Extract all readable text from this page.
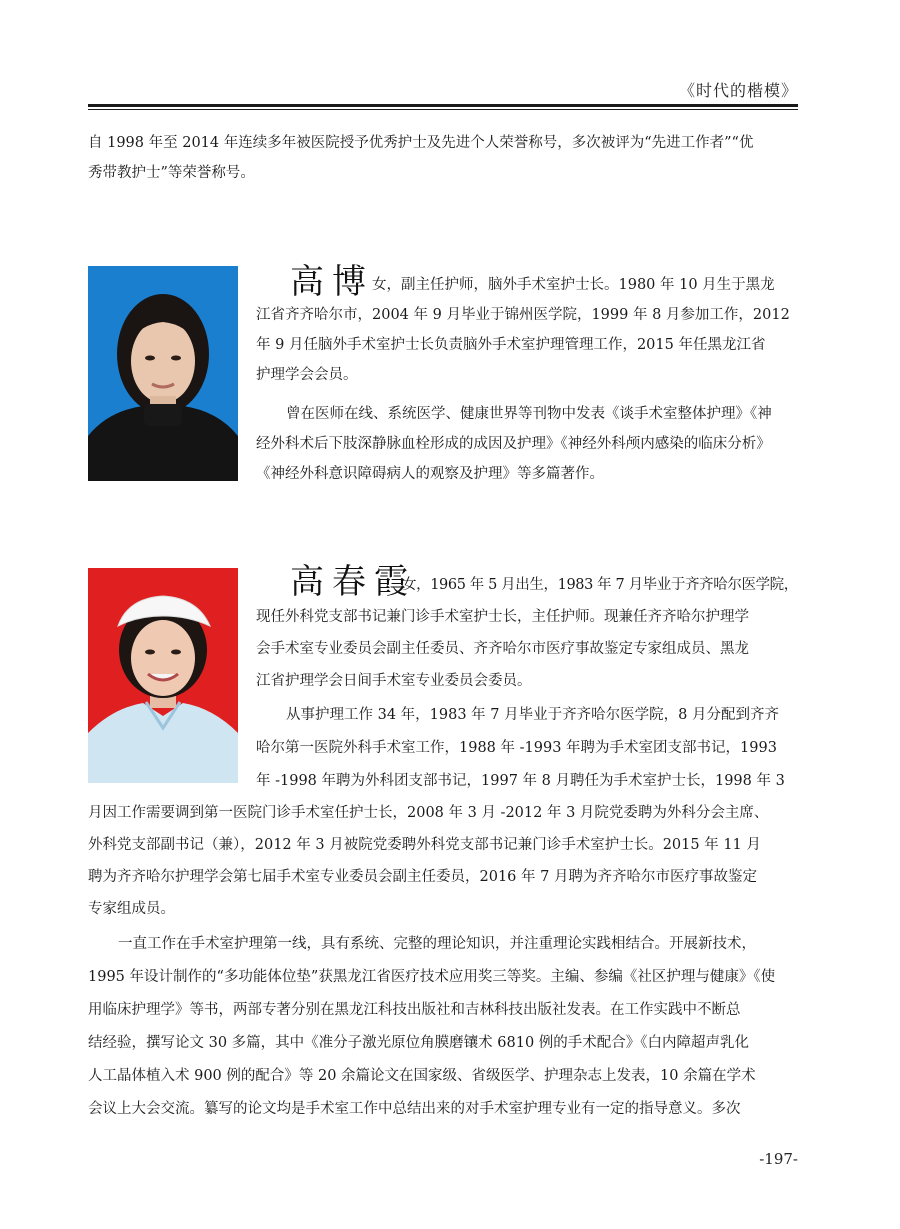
《时代的楷模》
自 1998 年至 2014 年连续多年被医院授予优秀护士及先进个人荣誉称号，多次被评为“先进工作者”“优
秀带教护士”等荣誉称号。
高博
女，副主任护师，脑外手术室护士长。1980 年 10 月生于黑龙
江省齐齐哈尔市，2004 年 9 月毕业于锦州医学院，1999 年 8 月参加工作，2012
年 9 月任脑外手术室护士长负责脑外手术室护理管理工作，2015 年任黑龙江省
护理学会会员。
曾在医师在线、系统医学、健康世界等刊物中发表《谈手术室整体护理》《神
经外科术后下肢深静脉血栓形成的成因及护理》《神经外科颅内感染的临床分析》
《神经外科意识障碍病人的观察及护理》等多篇著作。
高春霞
女，1965 年 5 月出生，1983 年 7 月毕业于齐齐哈尔医学院，
现任外科党支部书记兼门诊手术室护士长，主任护师。现兼任齐齐哈尔护理学
会手术室专业委员会副主任委员、齐齐哈尔市医疗事故鉴定专家组成员、黑龙
江省护理学会日间手术室专业委员会委员。
从事护理工作 34 年，1983 年 7 月毕业于齐齐哈尔医学院，8 月分配到齐齐
哈尔第一医院外科手术室工作，1988 年 -1993 年聘为手术室团支部书记，1993
年 -1998 年聘为外科团支部书记，1997 年 8 月聘任为手术室护士长，1998 年 3
月因工作需要调到第一医院门诊手术室任护士长，2008 年 3 月 -2012 年 3 月院党委聘为外科分会主席、
外科党支部副书记（兼），2012 年 3 月被院党委聘外科党支部书记兼门诊手术室护士长。2015 年 11 月
聘为齐齐哈尔护理学会第七届手术室专业委员会副主任委员，2016 年 7 月聘为齐齐哈尔市医疗事故鉴定
专家组成员。
一直工作在手术室护理第一线，具有系统、完整的理论知识，并注重理论实践相结合。开展新技术，
1995 年设计制作的“多功能体位垫”获黑龙江省医疗技术应用奖三等奖。主编、参编《社区护理与健康》《使
用临床护理学》等书，两部专著分别在黑龙江科技出版社和吉林科技出版社发表。在工作实践中不断总
结经验，撰写论文 30 多篇，其中《准分子激光原位角膜磨镶术 6810 例的手术配合》《白内障超声乳化
人工晶体植入术 900 例的配合》等 20 余篇论文在国家级、省级医学、护理杂志上发表，10 余篇在学术
会议上大会交流。纂写的论文均是手术室工作中总结出来的对手术室护理专业有一定的指导意义。多次
-197-
